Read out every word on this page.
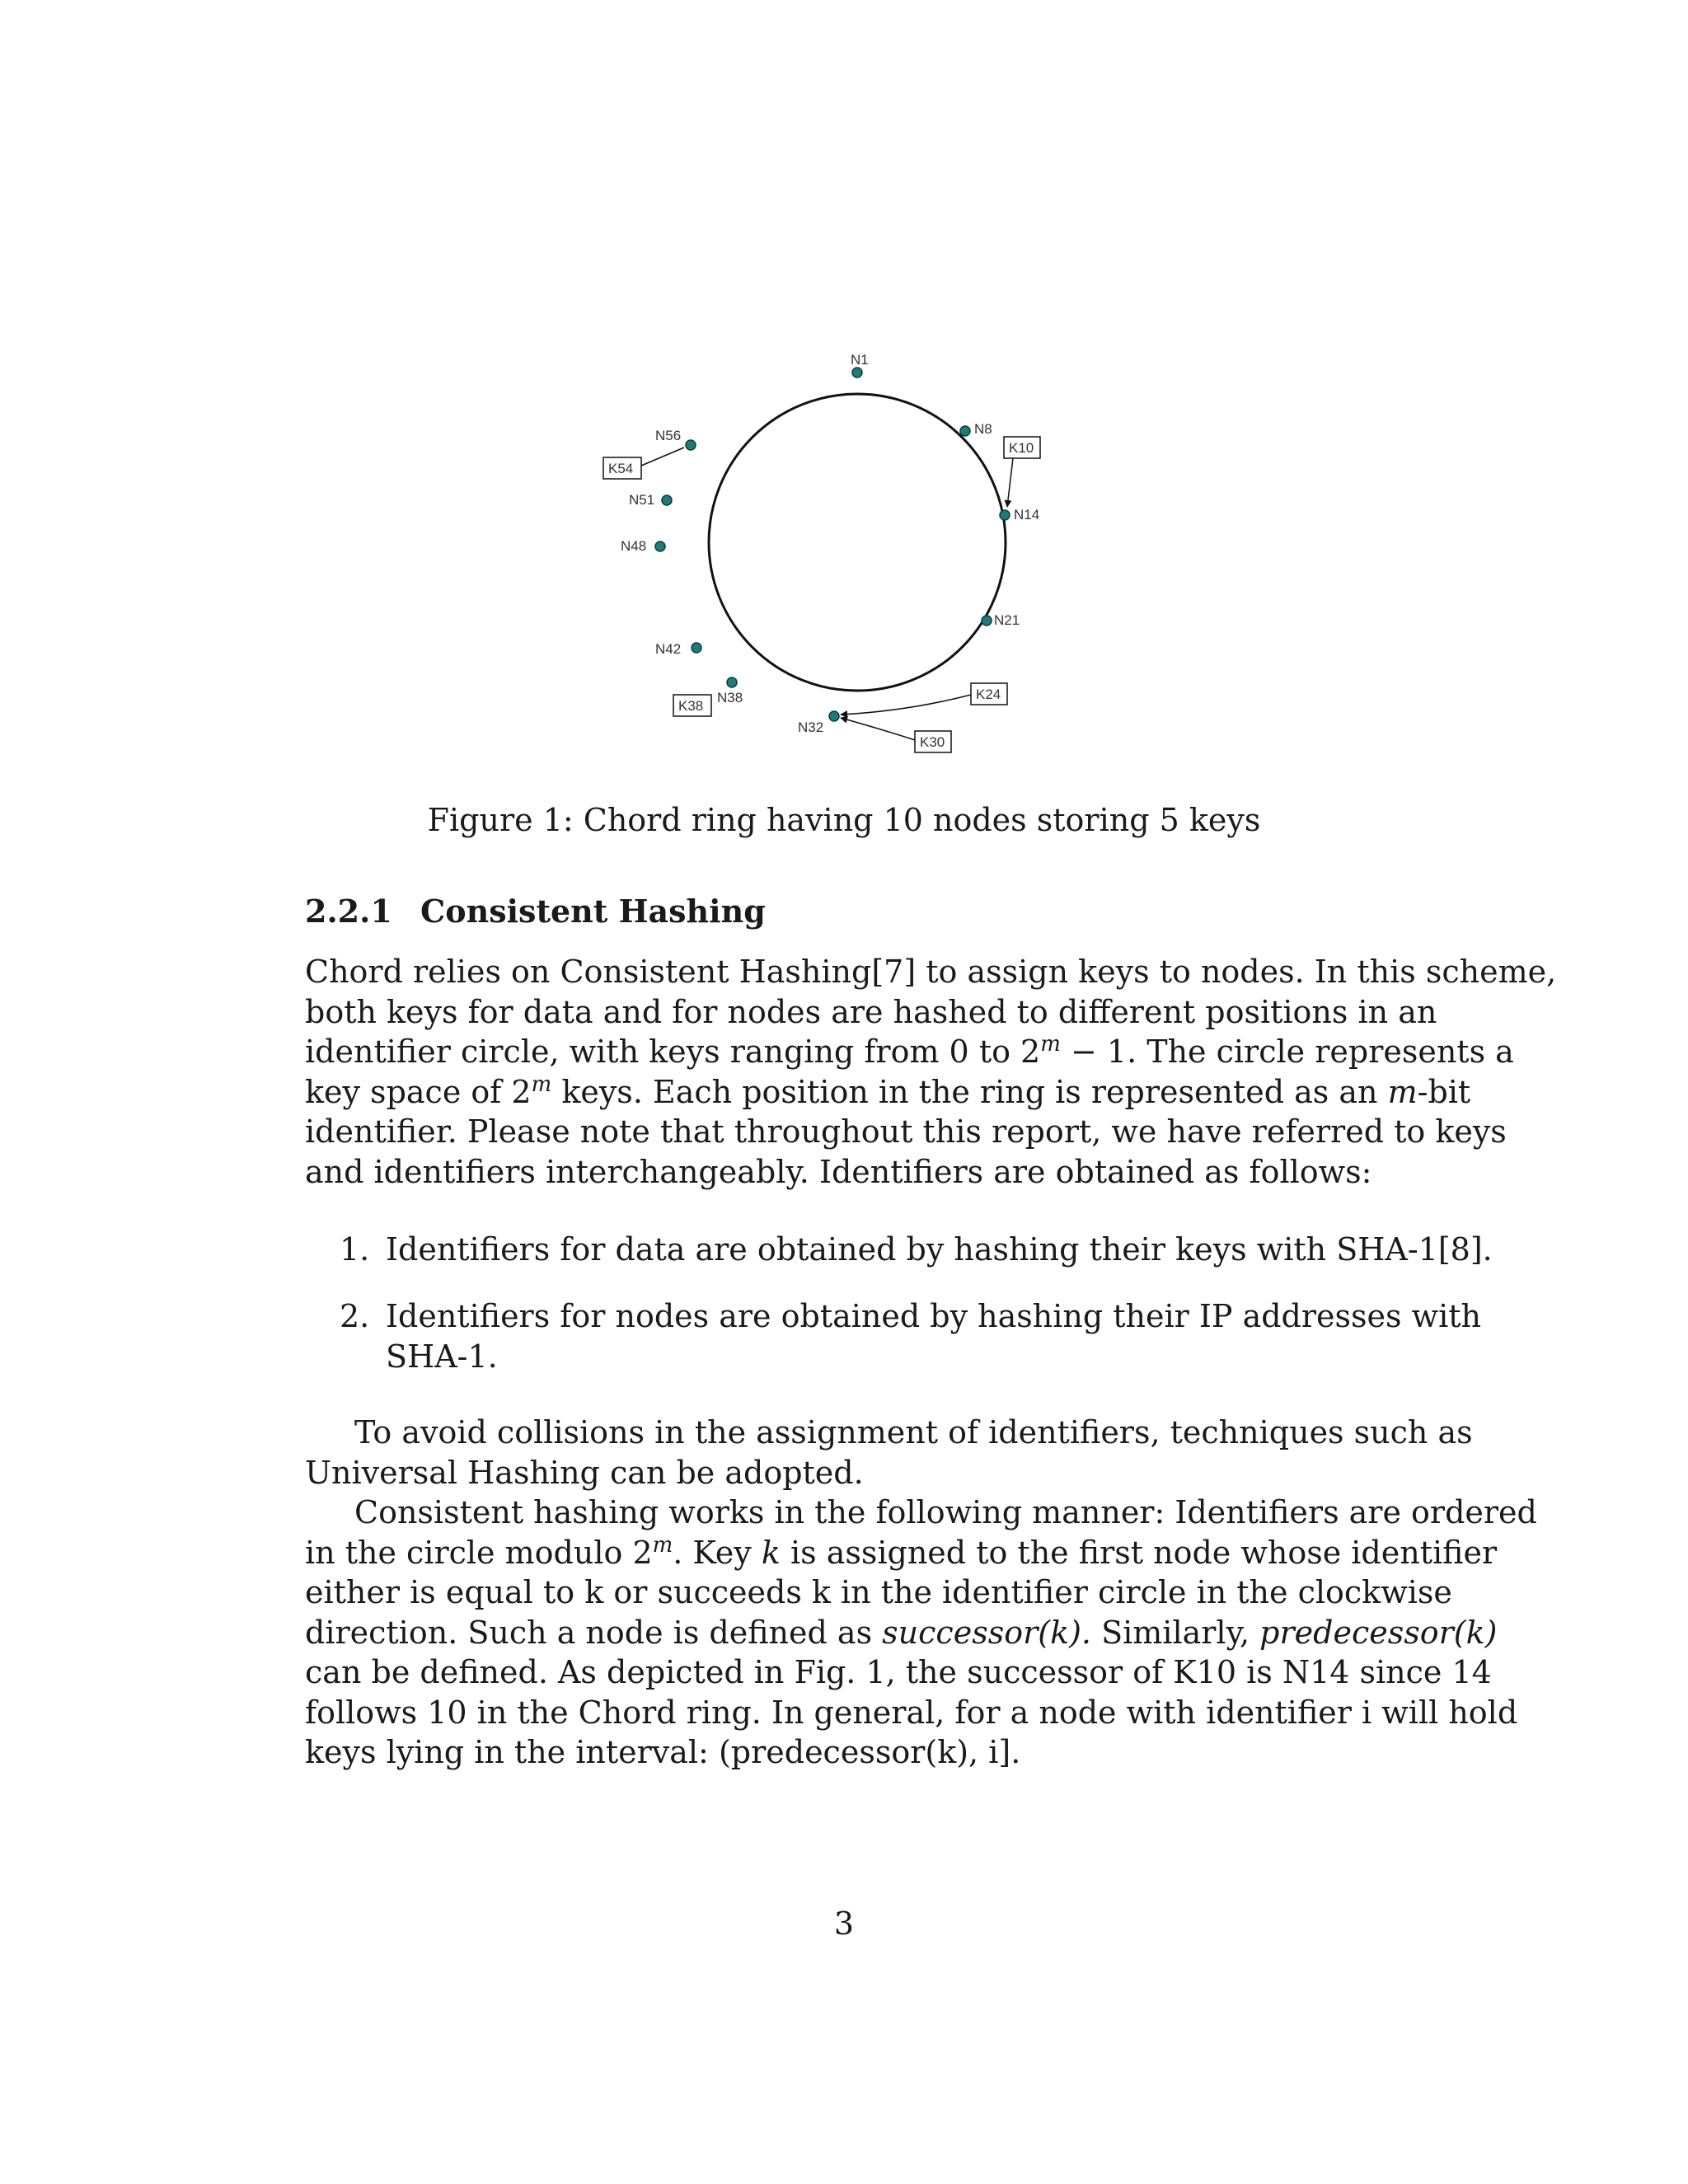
N1
N8
N14
N21
N32
N38
N42
N48
N51
N56
K10
K24
K30
K38
K54
Figure 1: Chord ring having 10 nodes storing 5 keys
2.2.1 Consistent Hashing
Chord relies on Consistent Hashing[7] to assign keys to nodes. In this scheme,
both keys for data and for nodes are hashed to different positions in an
identifier circle, with keys ranging from 0 to $2^m - 1$. The circle represents a
key space of 2$^m$ keys. Each position in the ring is represented as an m-bit
identifier. Please note that throughout this report, we have referred to keys
and identifiers interchangeably. Identifiers are obtained as follows:
1. Identifiers for data are obtained by hashing their keys with SHA-1[8].
2. Identifiers for nodes are obtained by hashing their IP addresses with
SHA-1.
To avoid collisions in the assignment of identifiers, techniques such as
Universal Hashing can be adopted.
Consistent hashing works in the following manner: Identifiers are ordered
in the circle modulo 2$^m$. Key k is assigned to the first node whose identifier
either is equal to k or succeeds k in the identifier circle in the clockwise
direction. Such a node is defined as successor(k). Similarly, predecessor(k)
can be defined. As depicted in Fig. 1, the successor of K10 is N14 since 14
follows 10 in the Chord ring. In general, for a node with identifier i will hold
keys lying in the interval: (predecessor(k), i].
3
